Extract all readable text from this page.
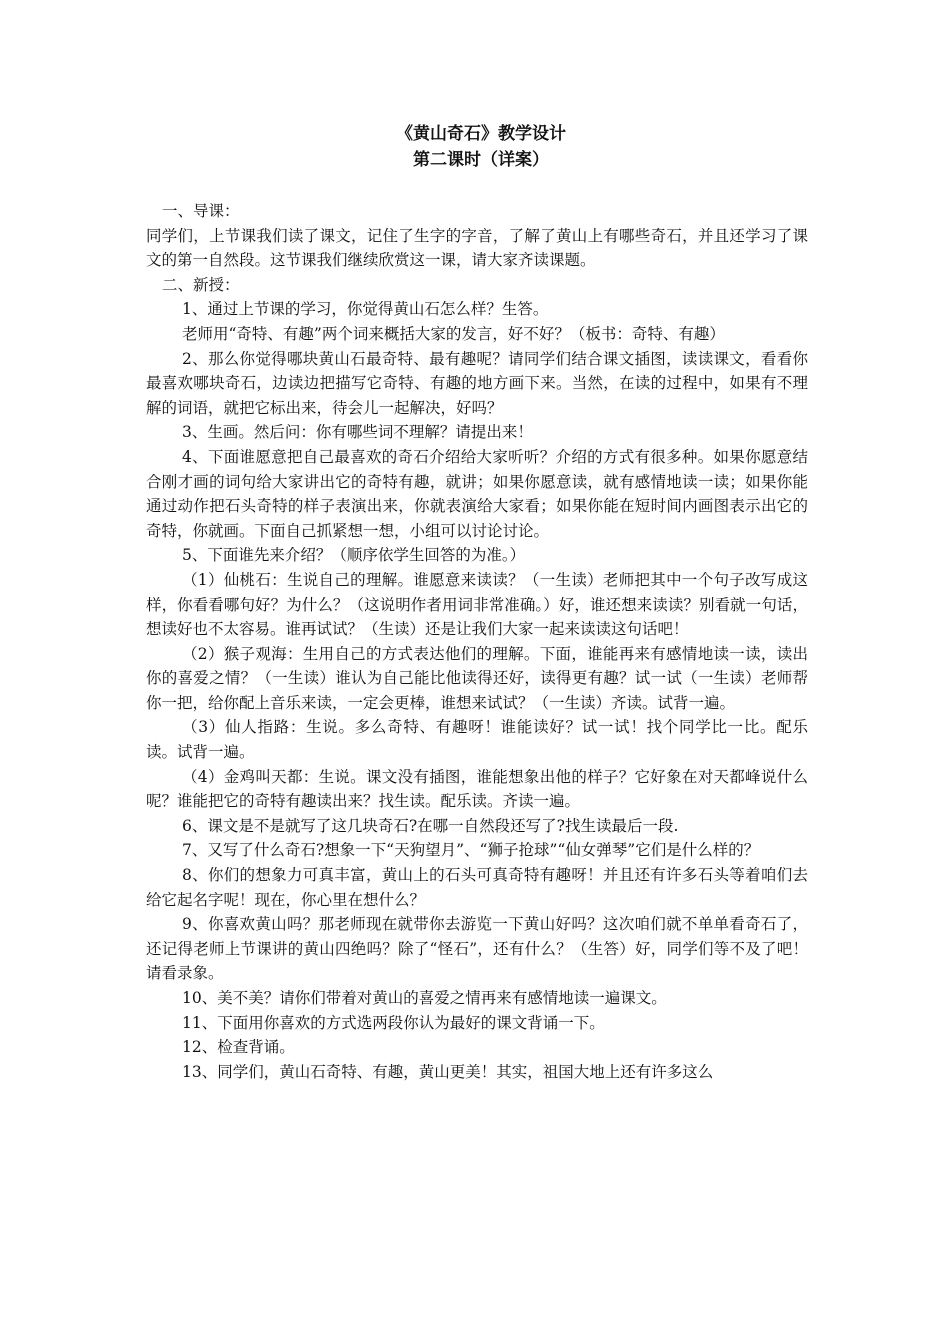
《黄山奇石》教学设计

第二课时（详案）

一、导课：

同学们，上节课我们读了课文，记住了生字的字音，了解了黄山上有哪些奇石，并且还学习了课文的第一自然段。这节课我们继续欣赏这一课，请大家齐读课题。

二、新授：

1、通过上节课的学习，你觉得黄山石怎么样？生答。

老师用“奇特、有趣”两个词来概括大家的发言，好不好？（板书：奇特、有趣）

2、那么你觉得哪块黄山石最奇特、最有趣呢？请同学们结合课文插图，读读课文，看看你最喜欢哪块奇石，边读边把描写它奇特、有趣的地方画下来。当然，在读的过程中，如果有不理解的词语，就把它标出来，待会儿一起解决，好吗？

3、生画。然后问：你有哪些词不理解？请提出来！

4、下面谁愿意把自己最喜欢的奇石介绍给大家听听？介绍的方式有很多种。如果你愿意结合刚才画的词句给大家讲出它的奇特有趣，就讲；如果你愿意读，就有感情地读一读；如果你能通过动作把石头奇特的样子表演出来，你就表演给大家看；如果你能在短时间内画图表示出它的奇特，你就画。下面自己抓紧想一想，小组可以讨论讨论。

5、下面谁先来介绍？（顺序依学生回答的为准。）

（1）仙桃石：生说自己的理解。谁愿意来读读？（一生读）老师把其中一个句子改写成这样，你看看哪句好？为什么？（这说明作者用词非常准确。）好，谁还想来读读？别看就一句话，想读好也不太容易。谁再试试？（生读）还是让我们大家一起来读读这句话吧！

（2）猴子观海：生用自己的方式表达他们的理解。下面，谁能再来有感情地读一读，读出你的喜爱之情？（一生读）谁认为自己能比他读得还好，读得更有趣？试一试（一生读）老师帮你一把，给你配上音乐来读，一定会更棒，谁想来试试？（一生读）齐读。试背一遍。

（3）仙人指路：生说。多么奇特、有趣呀！谁能读好？试一试！找个同学比一比。配乐读。试背一遍。

（4）金鸡叫天都：生说。课文没有插图，谁能想象出他的样子？它好象在对天都峰说什么呢？谁能把它的奇特有趣读出来？找生读。配乐读。齐读一遍。

6、课文是不是就写了这几块奇石?在哪一自然段还写了?找生读最后一段.

7、又写了什么奇石?想象一下“天狗望月”、“狮子抢球”“仙女弹琴”它们是什么样的？

8、你们的想象力可真丰富，黄山上的石头可真奇特有趣呀！并且还有许多石头等着咱们去给它起名字呢！现在，你心里在想什么？

9、你喜欢黄山吗？那老师现在就带你去游览一下黄山好吗？这次咱们就不单单看奇石了，还记得老师上节课讲的黄山四绝吗？除了“怪石”，还有什么？（生答）好，同学们等不及了吧！请看录象。

10、美不美？请你们带着对黄山的喜爱之情再来有感情地读一遍课文。

11、下面用你喜欢的方式选两段你认为最好的课文背诵一下。

12、检查背诵。

13、同学们，黄山石奇特、有趣，黄山更美！其实，祖国大地上还有许多这么
